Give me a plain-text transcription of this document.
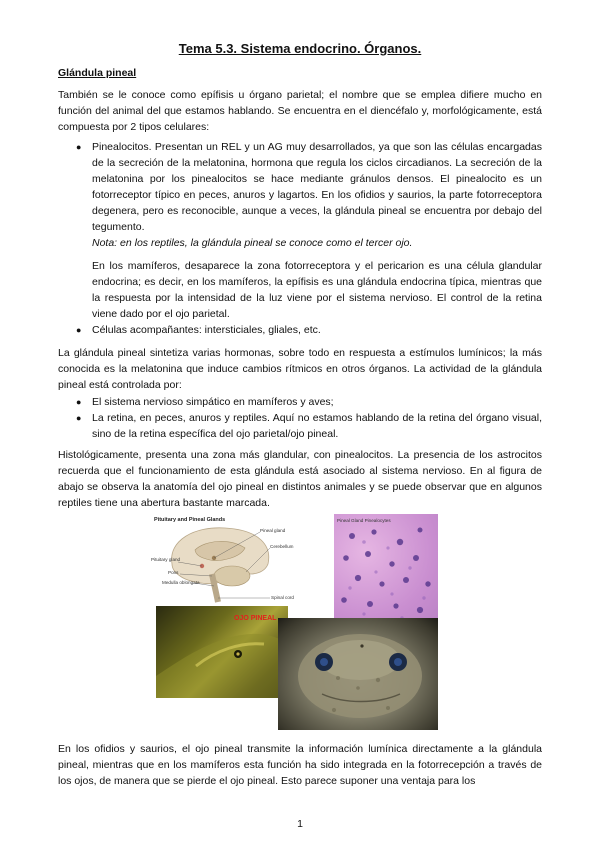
Tema 5.3. Sistema endocrino. Órganos.
Glándula pineal
También se le conoce como epífisis u órgano parietal; el nombre que se emplea difiere mucho en función del animal del que estamos hablando. Se encuentra en el diencéfalo y, morfológicamente, está compuesta por 2 tipos celulares:
● Pinealocitos. Presentan un REL y un AG muy desarrollados, ya que son las células encargadas de la secreción de la melatonina, hormona que regula los ciclos circadianos. La secreción de la melatonina por los pinealocitos se hace mediante gránulos densos. El pinealocito es un fotorreceptor típico en peces, anuros y lagartos. En los ofidios y saurios, la parte fotorreceptora degenera, pero es reconocible, aunque a veces, la glándula pineal se encuentra por debajo del tegumento.
Nota: en los reptiles, la glándula pineal se conoce como el tercer ojo.
En los mamíferos, desaparece la zona fotorreceptora y el pericarion es una célula glandular endocrina; es decir, en los mamíferos, la epífisis es una glándula endocrina típica, mientras que la respuesta por la intensidad de la luz viene por el sistema nervioso. El control de la retina viene dado por el ojo parietal.
● Células acompañantes: intersticiales, gliales, etc.
La glándula pineal sintetiza varias hormonas, sobre todo en respuesta a estímulos lumínicos; la más conocida es la melatonina que induce cambios rítmicos en otros órganos. La actividad de la glándula pineal está controlada por:
● El sistema nervioso simpático en mamíferos y aves;
● La retina, en peces, anuros y reptiles. Aquí no estamos hablando de la retina del órgano visual, sino de la retina específica del ojo parietal/ojo pineal.
Histológicamente, presenta una zona más glandular, con pinealocitos. La presencia de los astrocitos recuerda que el funcionamiento de esta glándula está asociado al sistema nervioso. En al figura de abajo se observa la anatomía del ojo pineal en distintos animales y se puede observar que en algunos reptiles tiene una abertura bastante marcada.
Pituitary and Pineal Glands
Pineal gland
Cerebellum
Pituitary gland
Pons
Medulla oblongata
Spinal cord
Pineal Gland Pinealocytes
OJO PINEAL
En los ofidios y saurios, el ojo pineal transmite la información lumínica directamente a la glándula pineal, mientras que en los mamíferos esta función ha sido integrada en la fotorrecepción a través de los ojos, de manera que se pierde el ojo pineal. Esto parece suponer una ventaja para los
1
